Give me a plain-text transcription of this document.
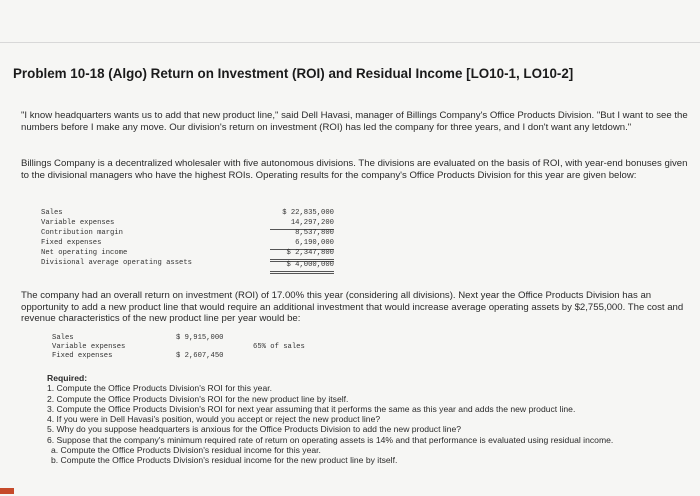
Problem 10-18 (Algo) Return on Investment (ROI) and Residual Income [LO10-1, LO10-2]

"I know headquarters wants us to add that new product line," said Dell Havasi, manager of Billings Company's Office Products Division. "But I want to see the numbers before I make any move. Our division's return on investment (ROI) has led the company for three years, and I don't want any letdown."

Billings Company is a decentralized wholesaler with five autonomous divisions. The divisions are evaluated on the basis of ROI, with year-end bonuses given to the divisional managers who have the highest ROIs. Operating results for the company's Office Products Division for this year are given below:

Sales
Variable expenses
Contribution margin
Fixed expenses
Net operating income
Divisional average operating assets
$ 22,835,000
14,297,200
8,537,800
6,190,000
$ 2,347,800
$ 4,000,000

The company had an overall return on investment (ROI) of 17.00% this year (considering all divisions). Next year the Office Products Division has an opportunity to add a new product line that would require an additional investment that would increase average operating assets by $2,755,000. The cost and revenue characteristics of the new product line per year would be:

Sales
Variable expenses
Fixed expenses
$ 9,915,000
65% of sales
$ 2,607,450
Required:

1. Compute the Office Products Division's ROI for this year.

2. Compute the Office Products Division's ROI for the new product line by itself.

3. Compute the Office Products Division's ROI for next year assuming that it performs the same as this year and adds the new product line.

4. If you were in Dell Havasi's position, would you accept or reject the new product line?

5. Why do you suppose headquarters is anxious for the Office Products Division to add the new product line?

6. Suppose that the company's minimum required rate of return on operating assets is 14% and that performance is evaluated using residual income.

a. Compute the Office Products Division's residual income for this year.

b. Compute the Office Products Division's residual income for the new product line by itself.
